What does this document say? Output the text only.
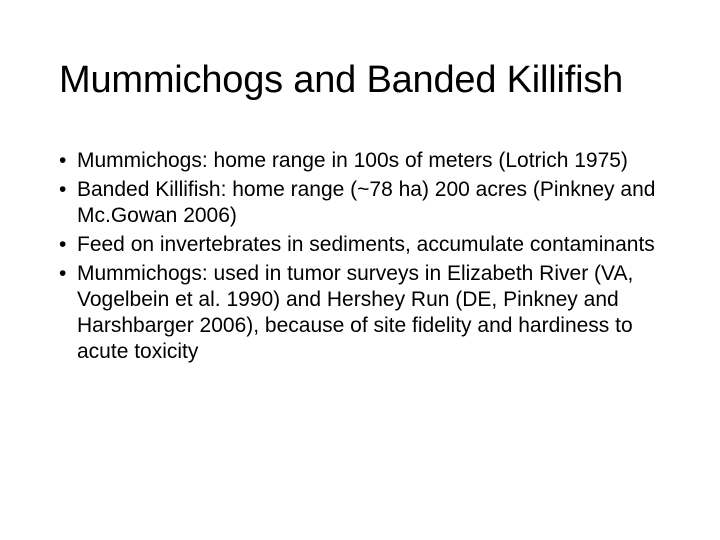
Mummichogs and Banded Killifish
• Mummichogs: home range in 100s of meters (Lotrich 1975)
• Banded Killifish: home range (~78 ha) 200 acres (Pinkney and Mc.Gowan 2006)
• Feed on invertebrates in sediments, accumulate contaminants
• Mummichogs: used in tumor surveys in Elizabeth River (VA, Vogelbein et al. 1990) and Hershey Run (DE, Pinkney and Harshbarger 2006), because of site fidelity and hardiness to acute toxicity
